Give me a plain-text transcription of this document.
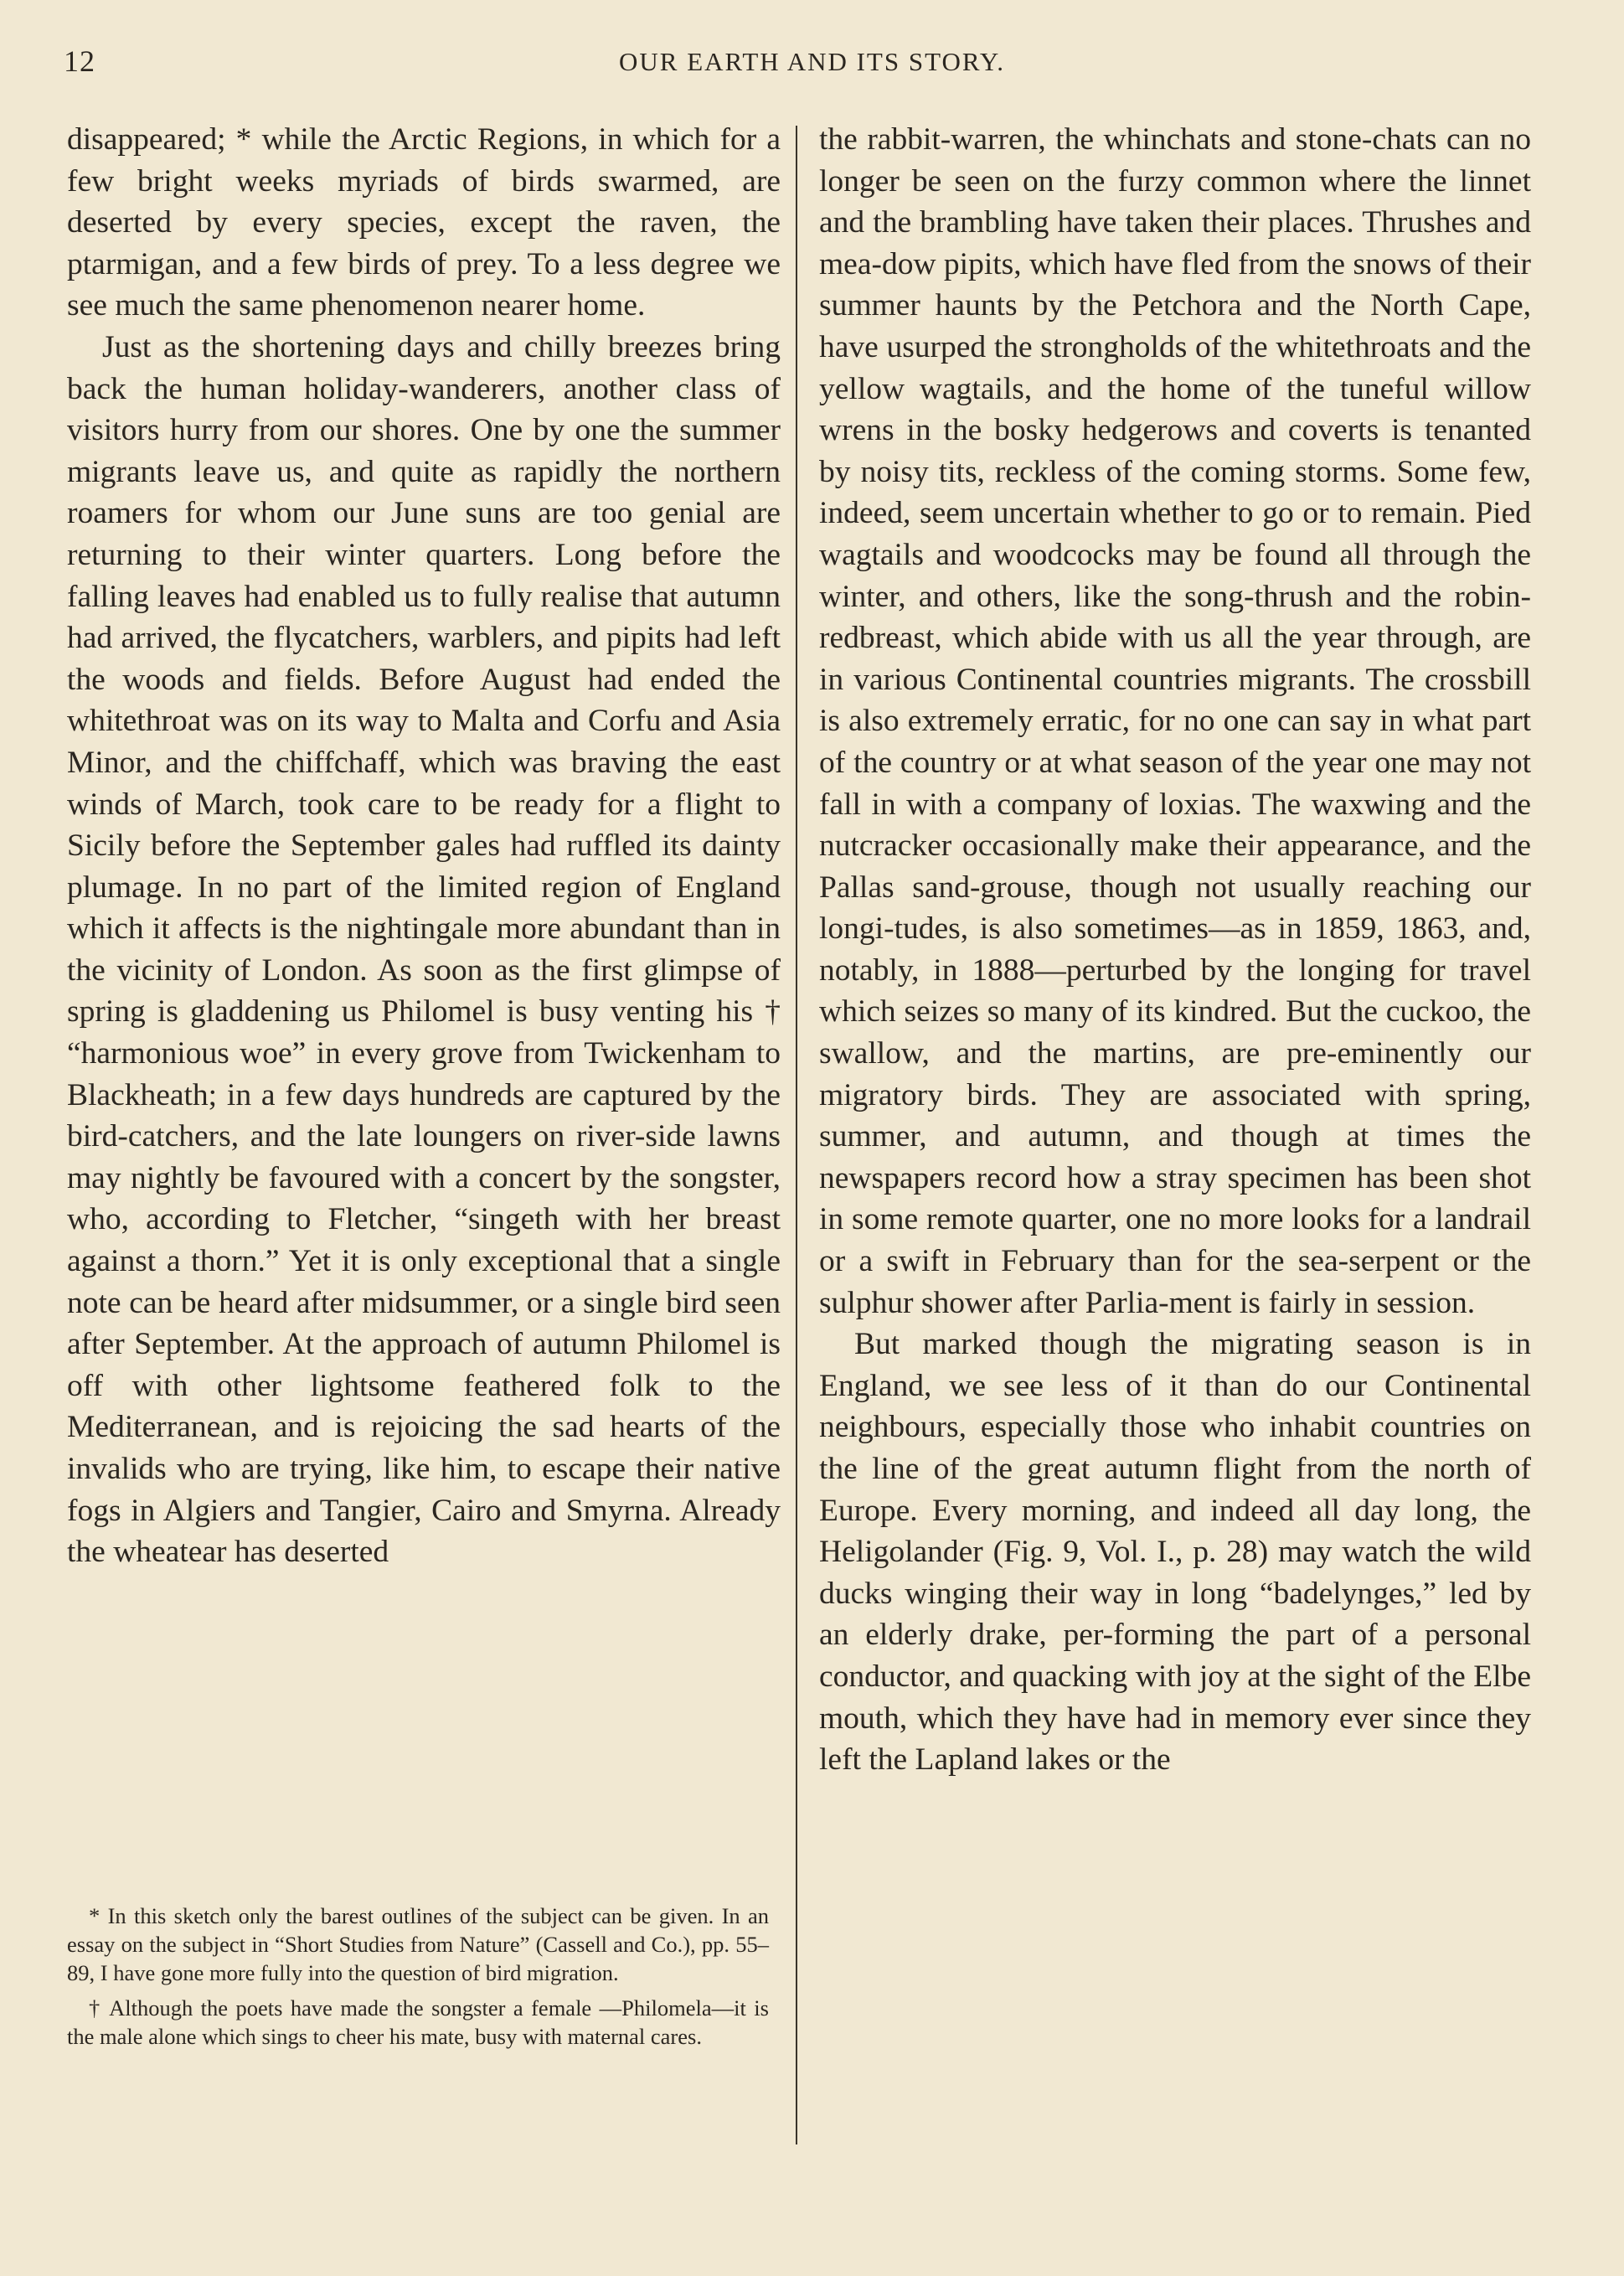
12	OUR EARTH AND ITS STORY.

disappeared; * while the Arctic Regions, in which for a few bright weeks myriads of birds swarmed, are deserted by every species, except the raven, the ptarmigan, and a few birds of prey. To a less degree we see much the same phenomenon nearer home.

Just as the shortening days and chilly breezes bring back the human holiday-wanderers, another class of visitors hurry from our shores. One by one the summer migrants leave us, and quite as rapidly the northern roamers for whom our June suns are too genial are returning to their winter quarters. Long before the falling leaves had enabled us to fully realise that autumn had arrived, the flycatchers, warblers, and pipits had left the woods and fields. Before August had ended the whitethroat was on its way to Malta and Corfu and Asia Minor, and the chiffchaff, which was braving the east winds of March, took care to be ready for a flight to Sicily before the September gales had ruffled its dainty plumage. In no part of the limited region of England which it affects is the nightingale more abundant than in the vicinity of London. As soon as the first glimpse of spring is gladdening us Philomel is busy venting his † “harmonious woe” in every grove from Twickenham to Blackheath; in a few days hundreds are captured by the bird-catchers, and the late loungers on river-side lawns may nightly be favoured with a concert by the songster, who, according to Fletcher, “singeth with her breast against a thorn.” Yet it is only exceptional that a single note can be heard after midsummer, or a single bird seen after September. At the approach of autumn Philomel is off with other lightsome feathered folk to the Mediterranean, and is rejoicing the sad hearts of the invalids who are trying, like him, to escape their native fogs in Algiers and Tangier, Cairo and Smyrna. Already the wheatear has deserted

the rabbit-warren, the whinchats and stone-chats can no longer be seen on the furzy common where the linnet and the brambling have taken their places. Thrushes and mea-dow pipits, which have fled from the snows of their summer haunts by the Petchora and the North Cape, have usurped the strongholds of the whitethroats and the yellow wagtails, and the home of the tuneful willow wrens in the bosky hedgerows and coverts is tenanted by noisy tits, reckless of the coming storms. Some few, indeed, seem uncertain whether to go or to remain. Pied wagtails and woodcocks may be found all through the winter, and others, like the song-thrush and the robin-redbreast, which abide with us all the year through, are in various Continental countries migrants. The crossbill is also extremely erratic, for no one can say in what part of the country or at what season of the year one may not fall in with a company of loxias. The waxwing and the nutcracker occasionally make their appearance, and the Pallas sand-grouse, though not usually reaching our longi-tudes, is also sometimes—as in 1859, 1863, and, notably, in 1888—perturbed by the longing for travel which seizes so many of its kindred. But the cuckoo, the swallow, and the martins, are pre-eminently our migratory birds. They are associated with spring, summer, and autumn, and though at times the newspapers record how a stray specimen has been shot in some remote quarter, one no more looks for a landrail or a swift in February than for the sea-serpent or the sulphur shower after Parlia-ment is fairly in session.

But marked though the migrating season is in England, we see less of it than do our Continental neighbours, especially those who inhabit countries on the line of the great autumn flight from the north of Europe. Every morning, and indeed all day long, the Heligolander (Fig. 9, Vol. I., p. 28) may watch the wild ducks winging their way in long “badelynges,” led by an elderly drake, per-forming the part of a personal conductor, and quacking with joy at the sight of the Elbe mouth, which they have had in memory ever since they left the Lapland lakes or the

* In this sketch only the barest outlines of the subject can be given. In an essay on the subject in “Short Studies from Nature” (Cassell and Co.), pp. 55–89, I have gone more fully into the question of bird migration.

† Although the poets have made the songster a female —Philomela—it is the male alone which sings to cheer his mate, busy with maternal cares.
